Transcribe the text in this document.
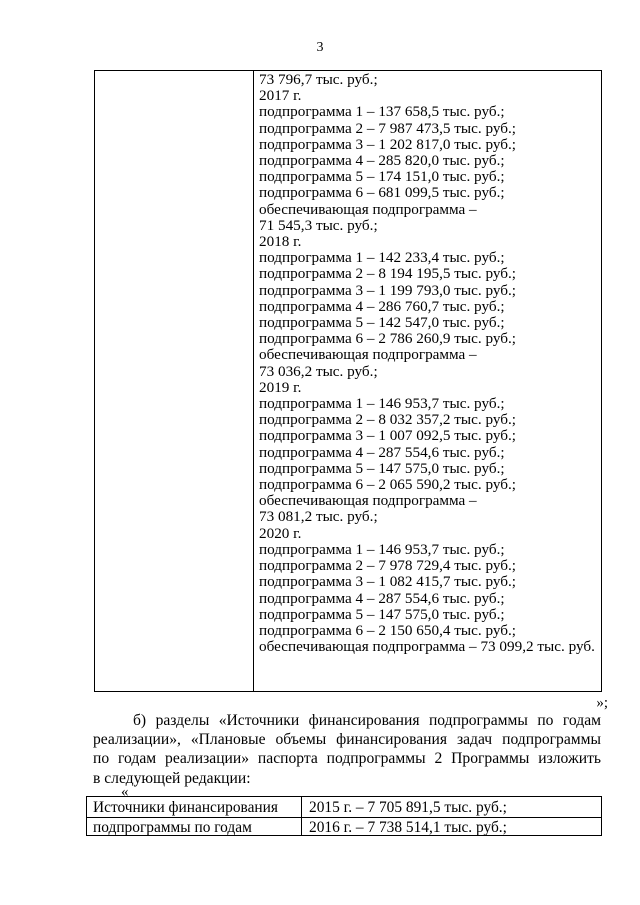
3
73 796,7 тыс. руб.;
2017 г.
подпрограмма 1 – 137 658,5 тыс. руб.;
подпрограмма 2 – 7 987 473,5 тыс. руб.;
подпрограмма 3 – 1 202 817,0 тыс. руб.;
подпрограмма 4 – 285 820,0 тыс. руб.;
подпрограмма 5 – 174 151,0 тыс. руб.;
подпрограмма 6 – 681 099,5 тыс. руб.;
обеспечивающая подпрограмма –
71 545,3 тыс. руб.;
2018 г.
подпрограмма 1 – 142 233,4 тыс. руб.;
подпрограмма 2 – 8 194 195,5 тыс. руб.;
подпрограмма 3 – 1 199 793,0 тыс. руб.;
подпрограмма 4 – 286 760,7 тыс. руб.;
подпрограмма 5 – 142 547,0 тыс. руб.;
подпрограмма 6 – 2 786 260,9 тыс. руб.;
обеспечивающая подпрограмма –
73 036,2 тыс. руб.;
2019 г.
подпрограмма 1 – 146 953,7 тыс. руб.;
подпрограмма 2 – 8 032 357,2 тыс. руб.;
подпрограмма 3 – 1 007 092,5 тыс. руб.;
подпрограмма 4 – 287 554,6 тыс. руб.;
подпрограмма 5 – 147 575,0 тыс. руб.;
подпрограмма 6 – 2 065 590,2 тыс. руб.;
обеспечивающая подпрограмма –
73 081,2 тыс. руб.;
2020 г.
подпрограмма 1 – 146 953,7 тыс. руб.;
подпрограмма 2 – 7 978 729,4 тыс. руб.;
подпрограмма 3 – 1 082 415,7 тыс. руб.;
подпрограмма 4 – 287 554,6 тыс. руб.;
подпрограмма 5 – 147 575,0 тыс. руб.;
подпрограмма 6 – 2 150 650,4 тыс. руб.;
обеспечивающая подпрограмма – 73 099,2 тыс. руб.
»;
б) разделы «Источники финансирования подпрограммы по годам
реализации», «Плановые объемы финансирования задач подпрограммы
по годам реализации» паспорта подпрограммы 2 Программы изложить
в следующей редакции:
«
Источники финансирования
подпрограммы по годам
2015 г. – 7 705 891,5 тыс. руб.;
2016 г. – 7 738 514,1 тыс. руб.;
